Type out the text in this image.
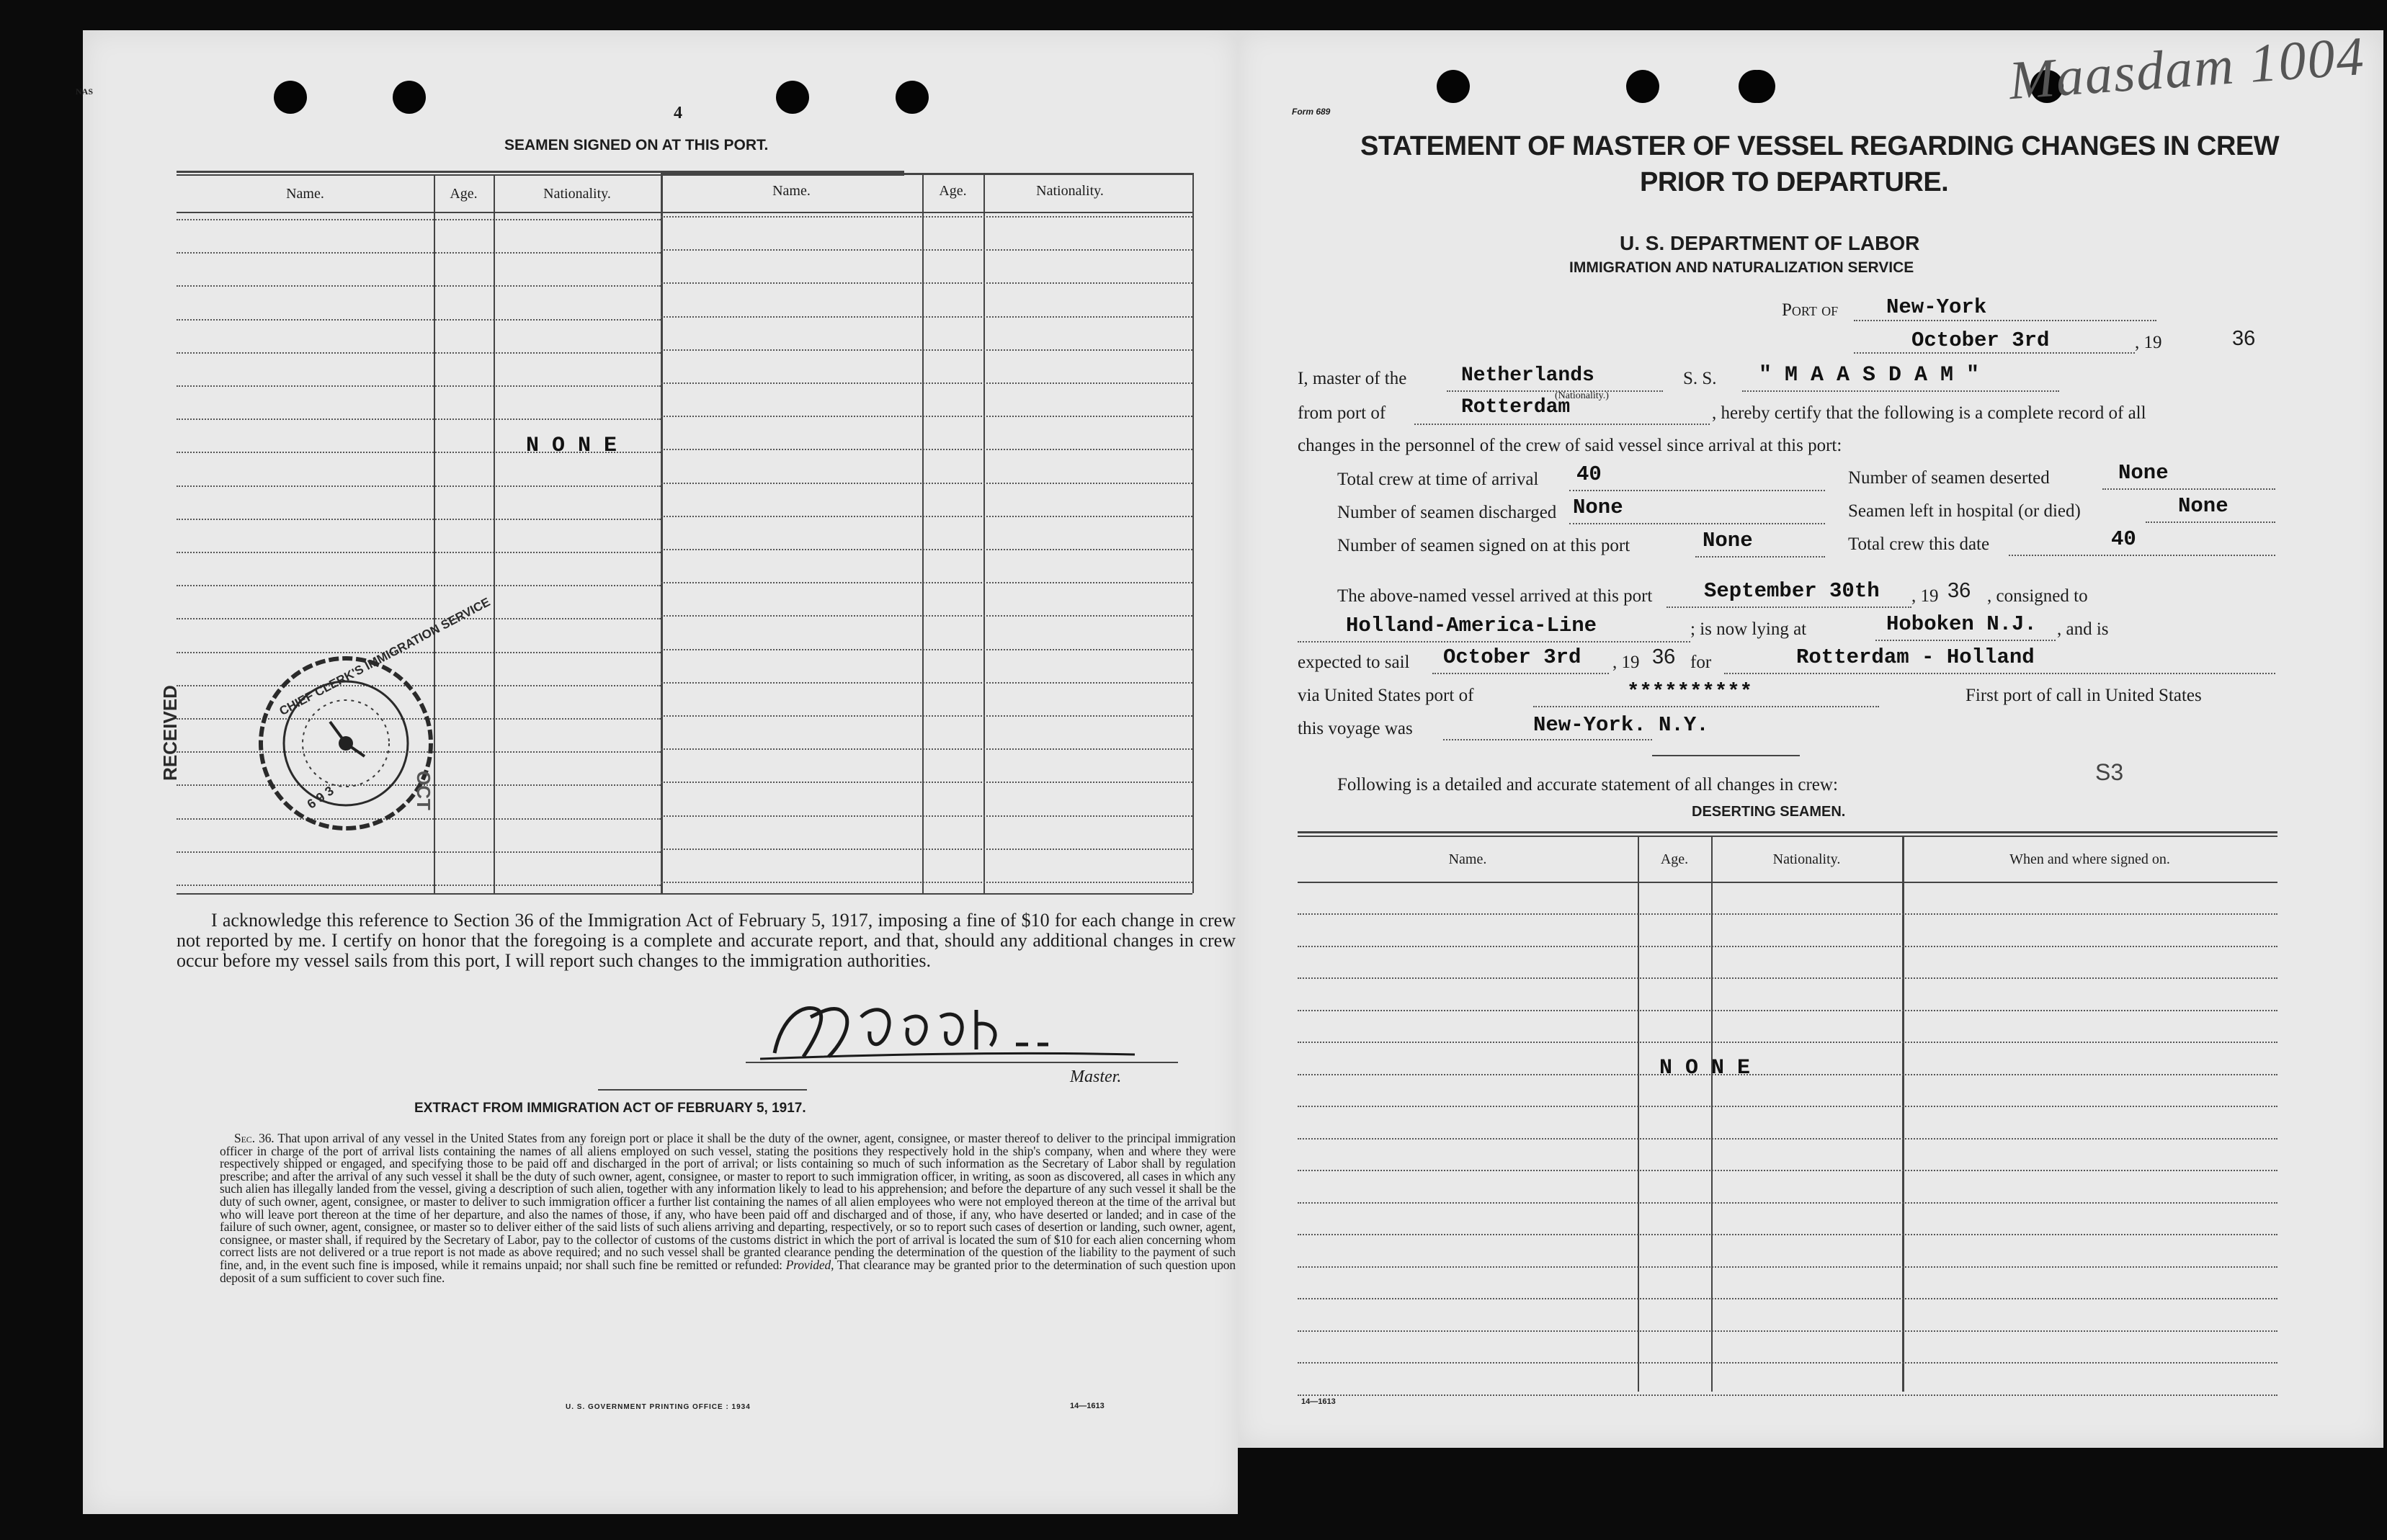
NAS
4
SEAMEN SIGNED ON AT THIS PORT.
Name.	Age.	Nationality.	Name.	Age.	Nationality.
N O N E
CHIEF CLERK'S IMMIGRATION SERVICE
RECEIVED
OCT
6 9 3
I acknowledge this reference to Section 36 of the Immigration Act of February 5, 1917, imposing a fine of $10 for each change in crew not reported by me. I certify on honor that the foregoing is a complete and accurate report, and that, should any additional changes in crew occur before my vessel sails from this port, I will report such changes to the immigration authorities.
Master.
EXTRACT FROM IMMIGRATION ACT OF FEBRUARY 5, 1917.
Sec. 36. That upon arrival of any vessel in the United States from any foreign port or place it shall be the duty of the owner, agent, consignee, or master thereof to deliver to the principal immigration officer in charge of the port of arrival lists containing the names of all aliens employed on such vessel, stating the positions they respectively hold in the ship's company, when and where they were respectively shipped or engaged, and specifying those to be paid off and discharged in the port of arrival; or lists containing so much of such information as the Secretary of Labor shall by regulation prescribe; and after the arrival of any such vessel it shall be the duty of such owner, agent, consignee, or master to report to such immigration officer, in writing, as soon as discovered, all cases in which any such alien has illegally landed from the vessel, giving a description of such alien, together with any information likely to lead to his apprehension; and before the departure of any such vessel it shall be the duty of such owner, agent, consignee, or master to deliver to such immigration officer a further list containing the names of all alien employees who were not employed thereon at the time of the arrival but who will leave port thereon at the time of her departure, and also the names of those, if any, who have been paid off and discharged and of those, if any, who have deserted or landed; and in case of the failure of such owner, agent, consignee, or master so to deliver either of the said lists of such aliens arriving and departing, respectively, or so to report such cases of desertion or landing, such owner, agent, consignee, or master shall, if required by the Secretary of Labor, pay to the collector of customs of the customs district in which the port of arrival is located the sum of $10 for each alien concerning whom correct lists are not delivered or a true report is not made as above required; and no such vessel shall be granted clearance pending the determination of the question of the liability to the payment of such fine, and, in the event such fine is imposed, while it remains unpaid; nor shall such fine be remitted or refunded: Provided, That clearance may be granted prior to the determination of such question upon deposit of a sum sufficient to cover such fine.
U. S. GOVERNMENT PRINTING OFFICE : 1934	14—1613
Form 689
Maasdam 1004
STATEMENT OF MASTER OF VESSEL REGARDING CHANGES IN CREW
PRIOR TO DEPARTURE.
U. S. DEPARTMENT OF LABOR
IMMIGRATION AND NATURALIZATION SERVICE
Port of New-York
October 3rd	, 19	36
I, master of the	Netherlands
(Nationality.)
S. S. " M A A S D A M "
from port of	Rotterdam	, hereby certify that the following is a complete record of all
changes in the personnel of the crew of said vessel since arrival at this port:
Total crew at time of arrival 40	Number of seamen deserted	None
Number of seamen discharged None	Seamen left in hospital (or died)	None
Number of seamen signed on at this port	None	Total crew this date	40
The above-named vessel arrived at this port September 30th , 19 36 , consigned to
Holland-America-Line	; is now lying at	Hoboken N.J. , and is
expected to sail October 3rd , 19 36 for	Rotterdam - Holland
via United States port of	**********	First port of call in United States
this voyage was	New-York. N.Y.
S3
Following is a detailed and accurate statement of all changes in crew:
DESERTING SEAMEN.
Name.	Age.	Nationality.	When and where signed on.
N O N E
14—1613
